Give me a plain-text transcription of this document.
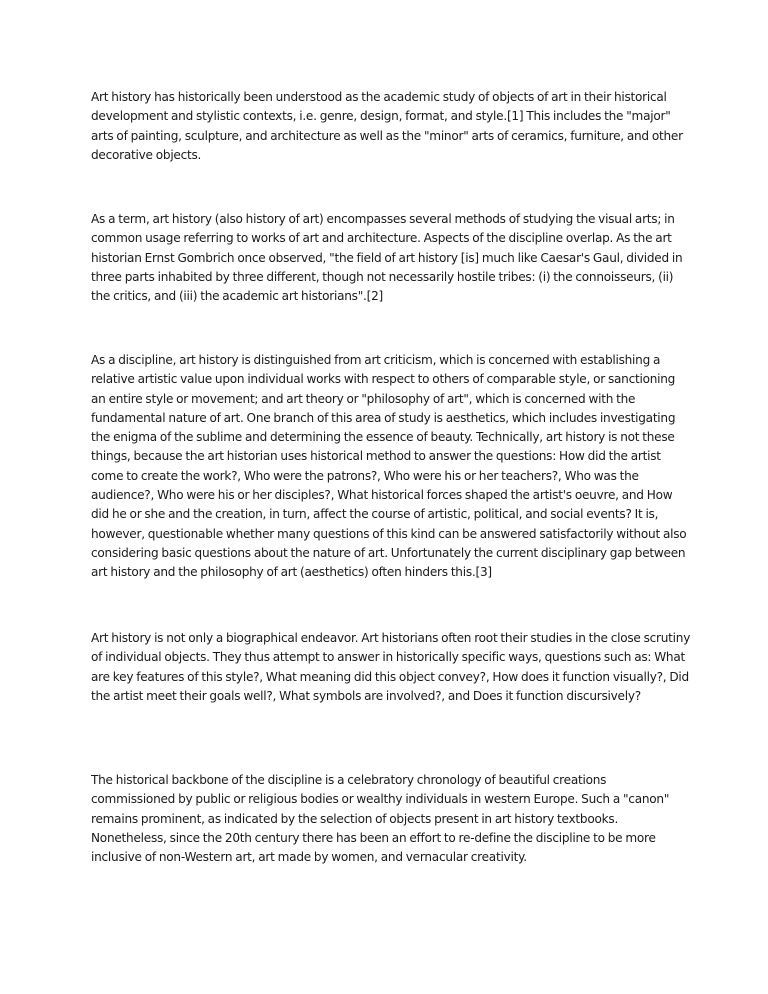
Art history has historically been understood as the academic study of objects of art in their historical development and stylistic contexts, i.e. genre, design, format, and style.[1] This includes the "major" arts of painting, sculpture, and architecture as well as the "minor" arts of ceramics, furniture, and other decorative objects.

As a term, art history (also history of art) encompasses several methods of studying the visual arts; in common usage referring to works of art and architecture. Aspects of the discipline overlap. As the art historian Ernst Gombrich once observed, "the field of art history [is] much like Caesar's Gaul, divided in three parts inhabited by three different, though not necessarily hostile tribes: (i) the connoisseurs, (ii) the critics, and (iii) the academic art historians".[2]

As a discipline, art history is distinguished from art criticism, which is concerned with establishing a relative artistic value upon individual works with respect to others of comparable style, or sanctioning an entire style or movement; and art theory or "philosophy of art", which is concerned with the fundamental nature of art. One branch of this area of study is aesthetics, which includes investigating the enigma of the sublime and determining the essence of beauty. Technically, art history is not these things, because the art historian uses historical method to answer the questions: How did the artist come to create the work?, Who were the patrons?, Who were his or her teachers?, Who was the audience?, Who were his or her disciples?, What historical forces shaped the artist's oeuvre, and How did he or she and the creation, in turn, affect the course of artistic, political, and social events? It is, however, questionable whether many questions of this kind can be answered satisfactorily without also considering basic questions about the nature of art. Unfortunately the current disciplinary gap between art history and the philosophy of art (aesthetics) often hinders this.[3]

Art history is not only a biographical endeavor. Art historians often root their studies in the close scrutiny of individual objects. They thus attempt to answer in historically specific ways, questions such as: What are key features of this style?, What meaning did this object convey?, How does it function visually?, Did the artist meet their goals well?, What symbols are involved?, and Does it function discursively?

The historical backbone of the discipline is a celebratory chronology of beautiful creations commissioned by public or religious bodies or wealthy individuals in western Europe. Such a "canon" remains prominent, as indicated by the selection of objects present in art history textbooks. Nonetheless, since the 20th century there has been an effort to re-define the discipline to be more inclusive of non-Western art, art made by women, and vernacular creativity.
